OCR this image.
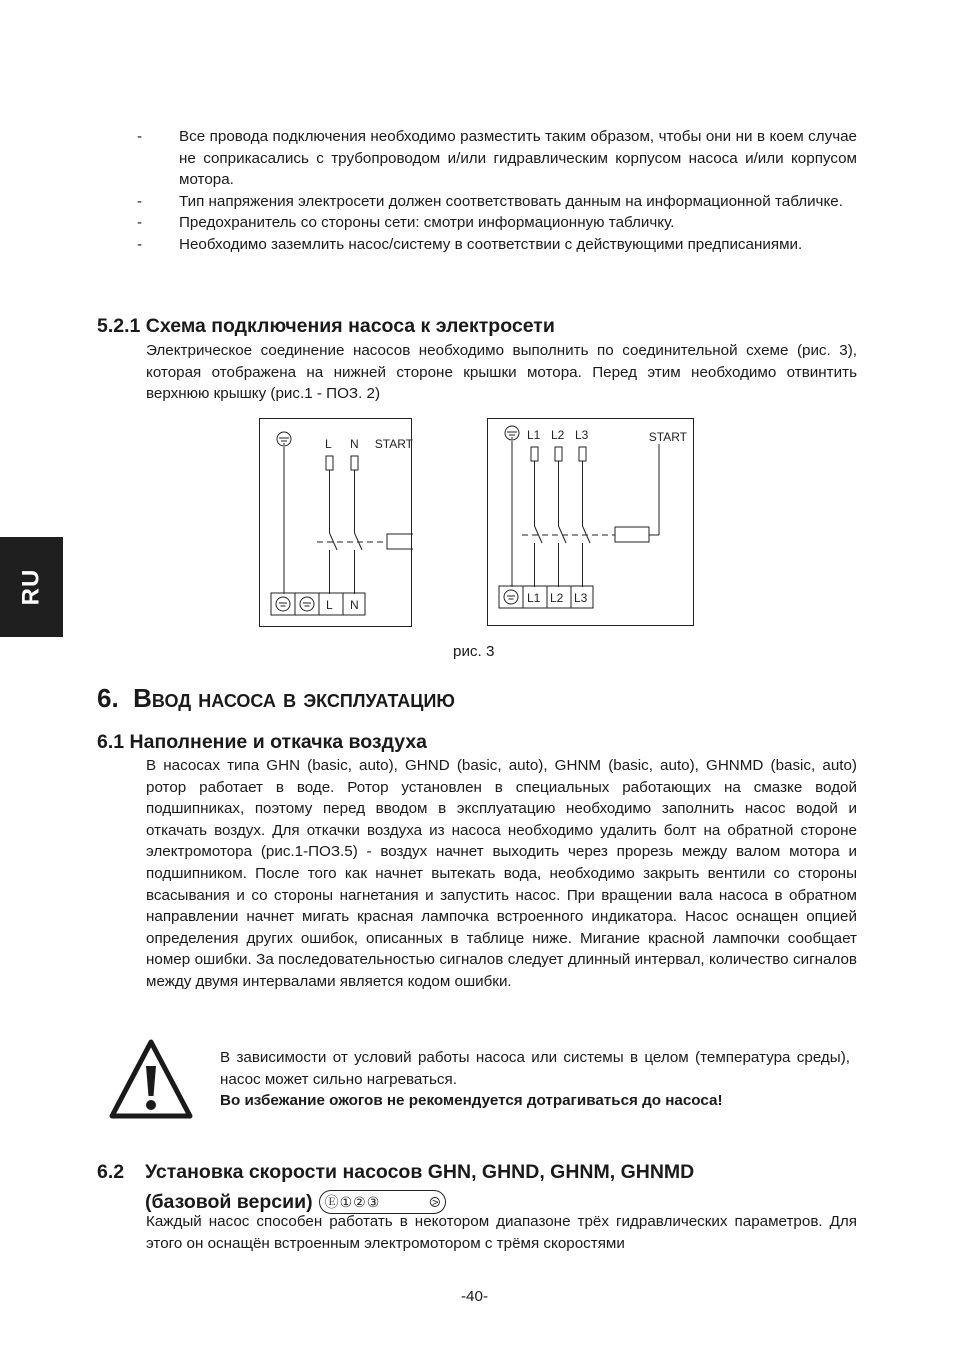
RU
-	Все провода подключения необходимо разместить таким образом, чтобы они ни в коем случае не соприкасались с трубопроводом и/или гидравлическим корпусом насоса и/или корпусом мотора.
-	Тип напряжения электросети должен соответствовать данным на информационной табличке.
-	Предохранитель со стороны сети: смотри информационную табличку.
-	Необходимо заземлить насос/систему в соответствии с действующими предписаниями.
5.2.1 Схема подключения насоса к электросети

Электрическое соединение насосов необходимо выполнить по соединительной схеме (рис. 3), которая отображена на нижней стороне крышки мотора. Перед этим необходимо отвинтить верхнюю крышку (рис.1 - ПОЗ. 2)

L N START
L N
L1 L2 L3	START
L1 L2 L3
рис. 3
6. Ввод насоса в эксплуатацию
6.1 Наполнение и откачка воздуха

В насосах типа GHN (basic, auto), GHND (basic, auto), GHNM (basic, auto), GHNMD (basic, auto) ротор работает в воде. Ротор установлен в специальных работающих на смазке водой подшипниках, поэтому перед вводом в эксплуатацию необходимо заполнить насос водой и откачать воздух. Для откачки воздуха из насоса необходимо удалить болт на обратной стороне электромотора (рис.1-ПОЗ.5) - воздух начнет выходить через прорезь между валом мотора и подшипником. После того как начнет вытекать вода, необходимо закрыть вентили со стороны всасывания и со стороны нагнетания и запустить насос. При вращении вала насоса в обратном направлении начнет мигать красная лампочка встроенного индикатора. Насос оснащен опцией определения других ошибок, описанных в таблице ниже. Мигание красной лампочки сообщает номер ошибки. За последовательностью сигналов следует длинный интервал, количество сигналов между двумя интервалами является кодом ошибки.

В зависимости от условий работы насоса или системы в целом (температура среды), насос может сильно нагреваться.
Во избежание ожогов не рекомендуется дотрагиваться до насоса!
6.2	Установка скорости насосов GHN, GHND, GHNM, GHNMD
(базовой версии) Ⓔ ① ② ③	⧁

Каждый насос способен работать в некотором диапазоне трёх гидравлических параметров. Для этого он оснащён встроенным электромотором с трёмя скоростями

-40-
